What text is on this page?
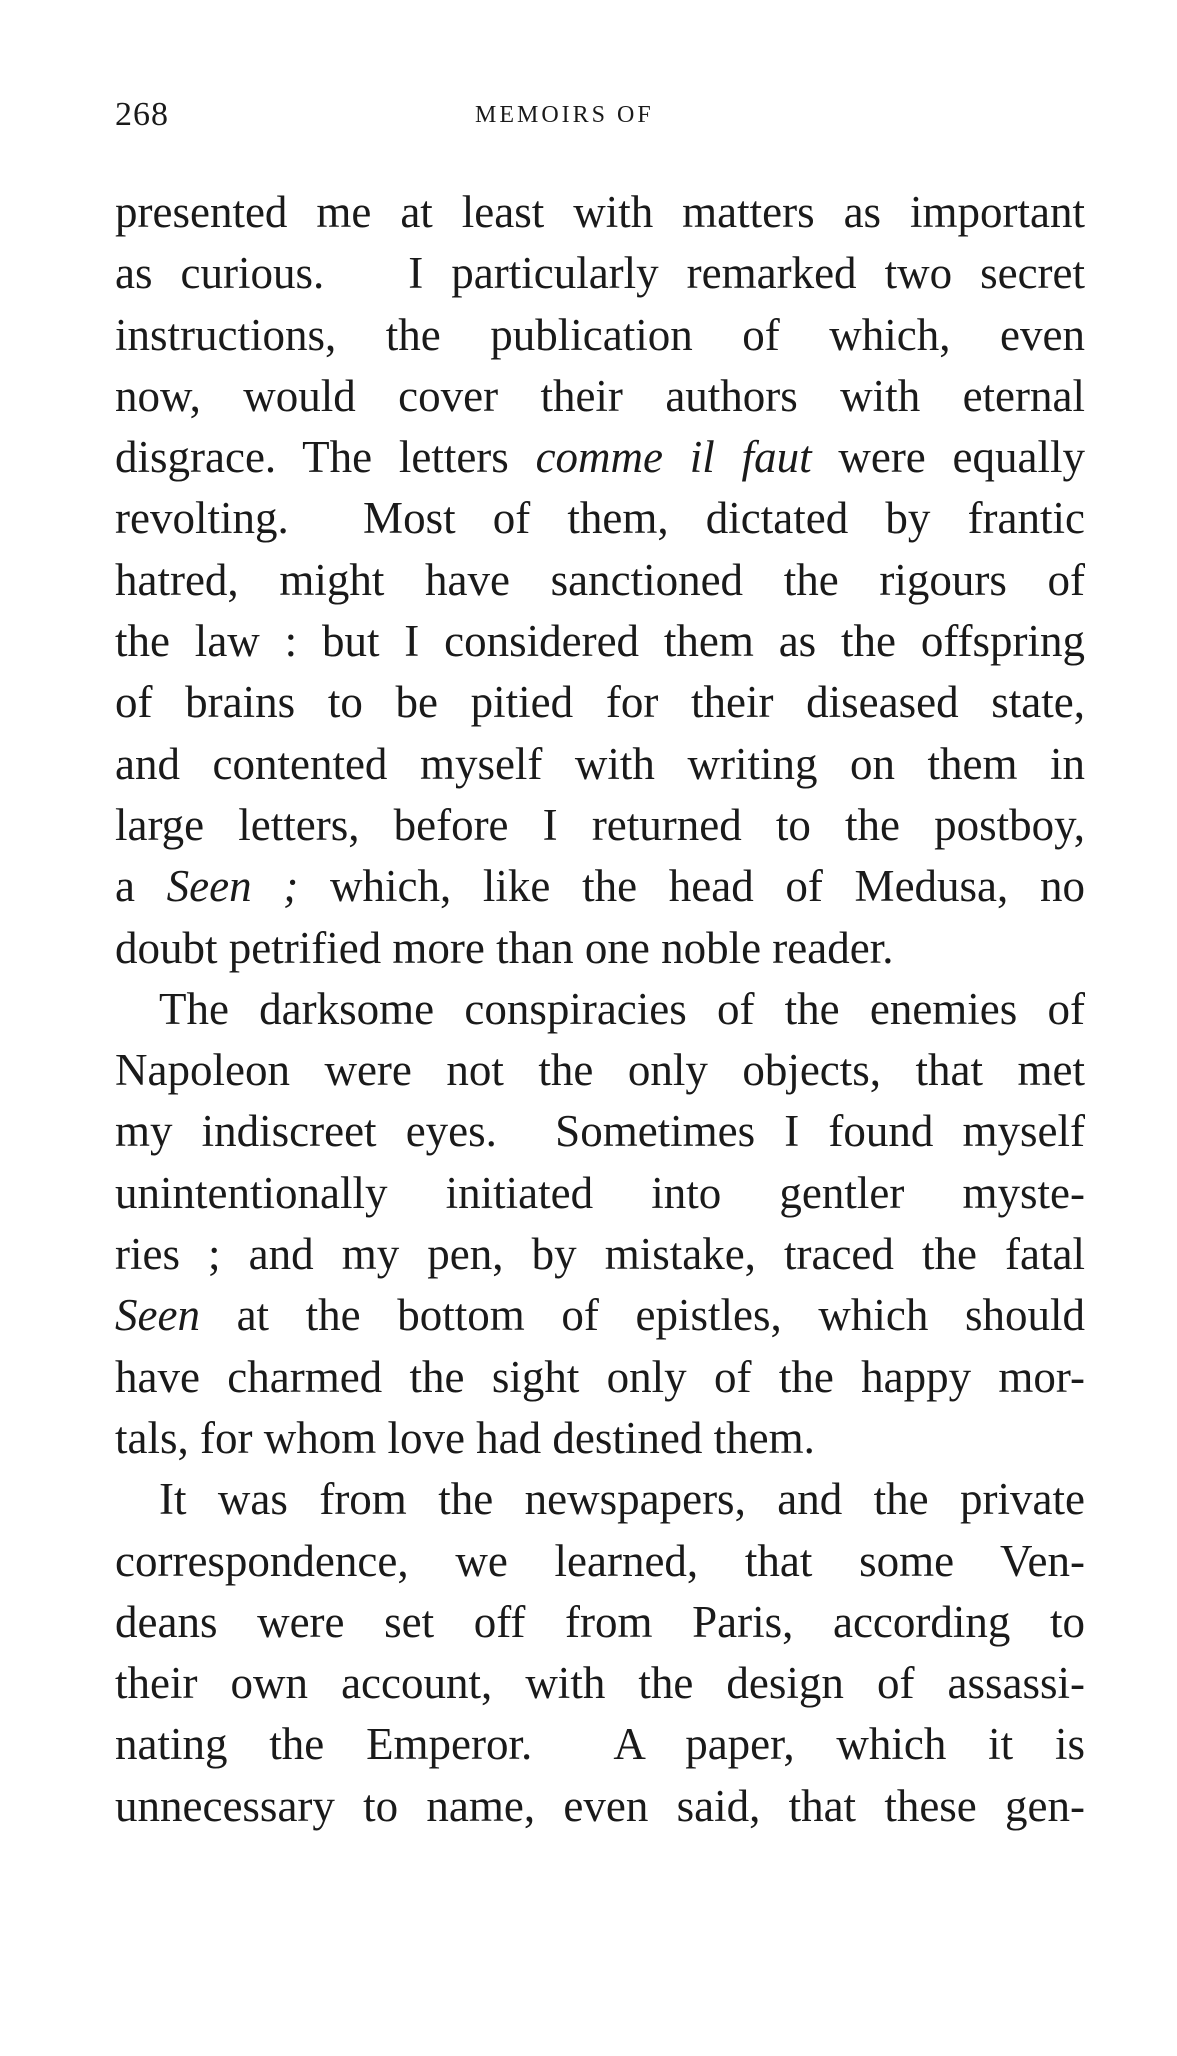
268	MEMOIRS OF
presented me at least with matters as important
as curious.   I particularly remarked two secret
instructions, the publication of which, even
now, would cover their authors with eternal
disgrace. The letters comme il faut were equally
revolting.  Most of them, dictated by frantic
hatred, might have sanctioned the rigours of
the law : but I considered them as the offspring
of brains to be pitied for their diseased state,
and contented myself with writing on them in
large letters, before I returned to the postboy,
a Seen ; which, like the head of Medusa, no
doubt petrified more than one noble reader.
The darksome conspiracies of the enemies of
Napoleon were not the only objects, that met
my indiscreet eyes.  Sometimes I found myself
unintentionally initiated into gentler myste-
ries ; and my pen, by mistake, traced the fatal
Seen at the bottom of epistles, which should
have charmed the sight only of the happy mor-
tals, for whom love had destined them.
It was from the newspapers, and the private
correspondence, we learned, that some Ven-
deans were set off from Paris, according to
their own account, with the design of assassi-
nating the Emperor.  A paper, which it is
unnecessary to name, even said, that these gen-
